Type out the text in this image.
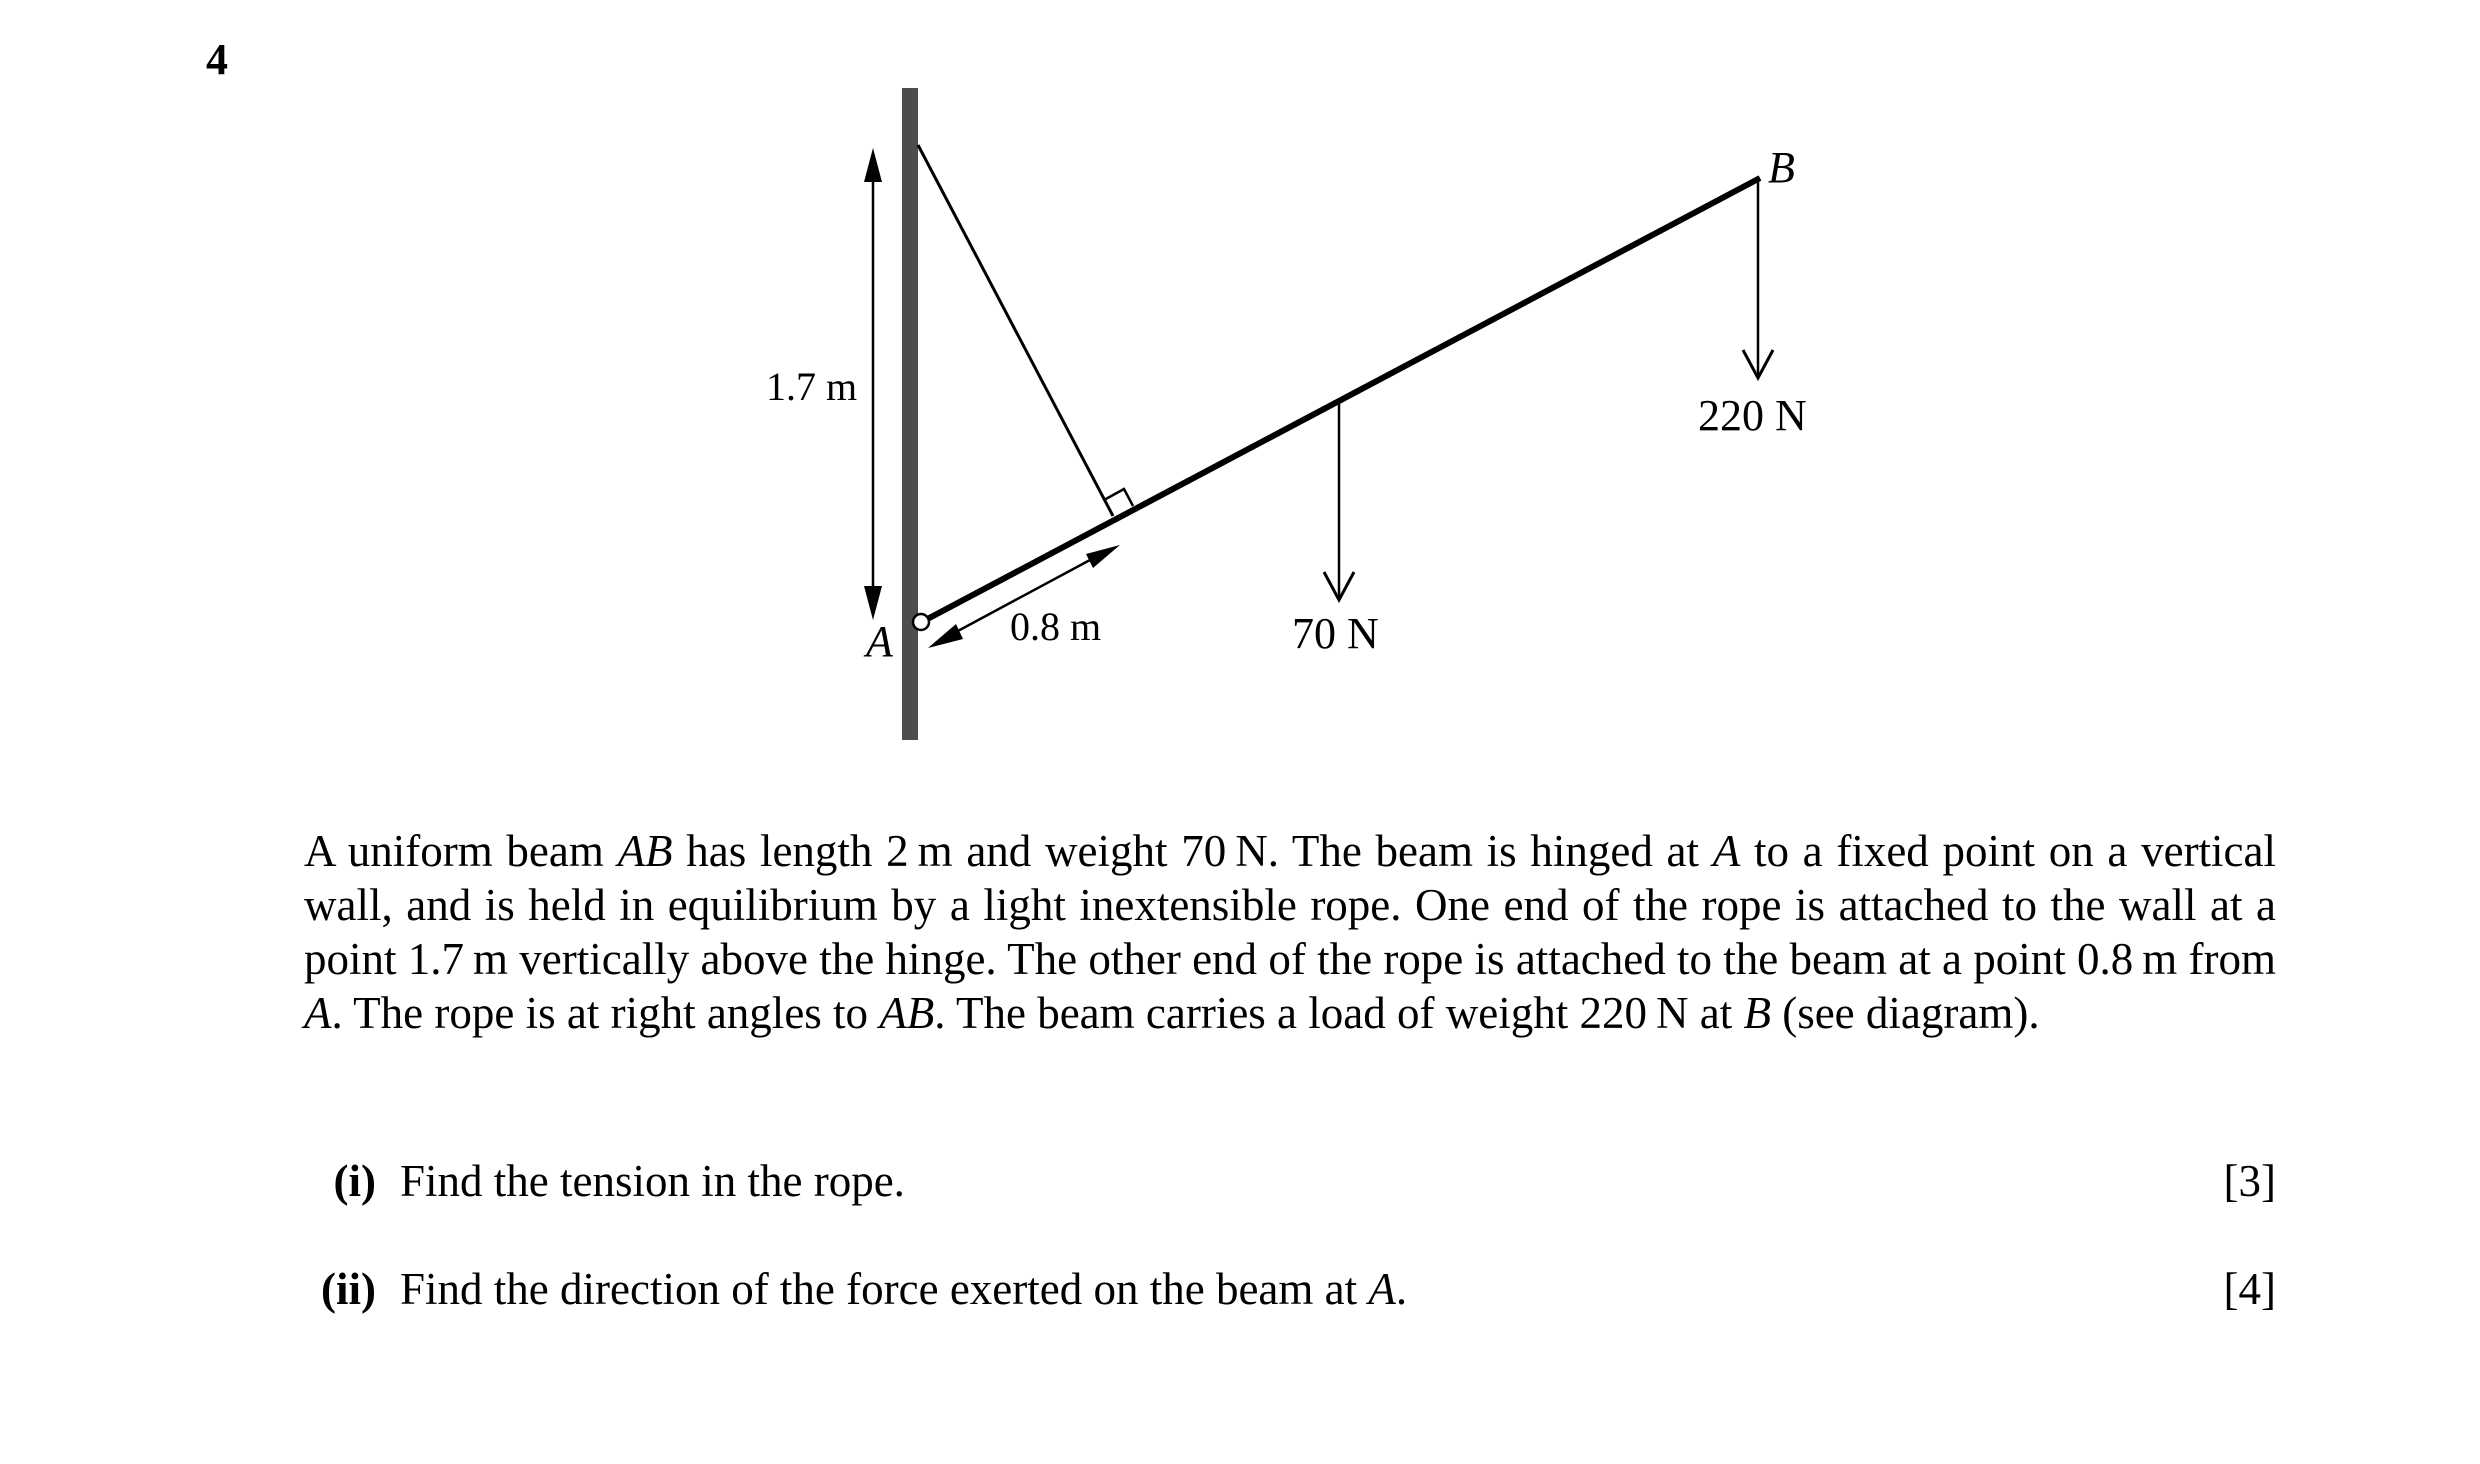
4
A
B
1.7 m
0.8 m	70 N
220 N
A uniform beam AB has length 2 m and weight 70 N. The beam is hinged at A to a fixed point on a vertical wall, and is held in equilibrium by a light inextensible rope. One end of the rope is attached to the wall at a point 1.7 m vertically above the hinge. The other end of the rope is attached to the beam at a point 0.8 m from A. The rope is at right angles to AB. The beam carries a load of weight 220 N at B (see diagram).
(i) Find the tension in the rope.	[3]
(ii) Find the direction of the force exerted on the beam at A.	[4]
